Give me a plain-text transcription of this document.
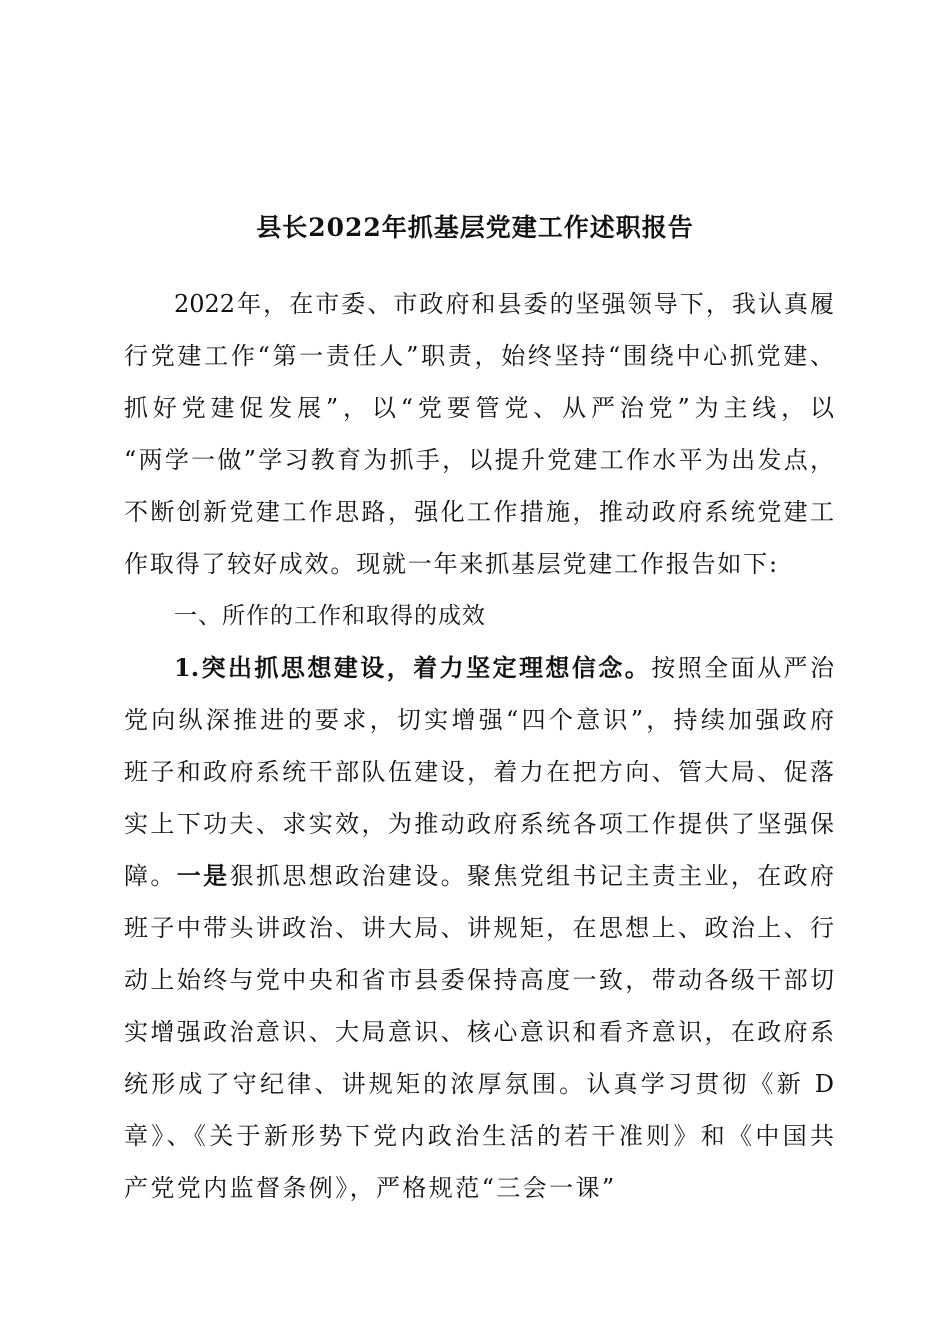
县长2022年抓基层党建工作述职报告
2022年，在市委、市政府和县委的坚强领导下，我认真履
行党建工作“第一责任人”职责，始终坚持“围绕中心抓党建、
抓好党建促发展”，以“党要管党、从严治党”为主线，以
“两学一做”学习教育为抓手，以提升党建工作水平为出发点，
不断创新党建工作思路，强化工作措施，推动政府系统党建工
作取得了较好成效。现就一年来抓基层党建工作报告如下:
一、所作的工作和取得的成效
1.突出抓思想建设，着力坚定理想信念。按照全面从严治
党向纵深推进的要求，切实增强“四个意识”，持续加强政府
班子和政府系统干部队伍建设，着力在把方向、管大局、促落
实上下功夫、求实效，为推动政府系统各项工作提供了坚强保
障。一是狠抓思想政治建设。聚焦党组书记主责主业，在政府
班子中带头讲政治、讲大局、讲规矩，在思想上、政治上、行
动上始终与党中央和省市县委保持高度一致，带动各级干部切
实增强政治意识、大局意识、核心意识和看齐意识，在政府系
统形成了守纪律、讲规矩的浓厚氛围。认真学习贯彻《新 D
章》、《关于新形势下党内政治生活的若干准则》和《中国共
产党党内监督条例》，严格规范“三会一课”
